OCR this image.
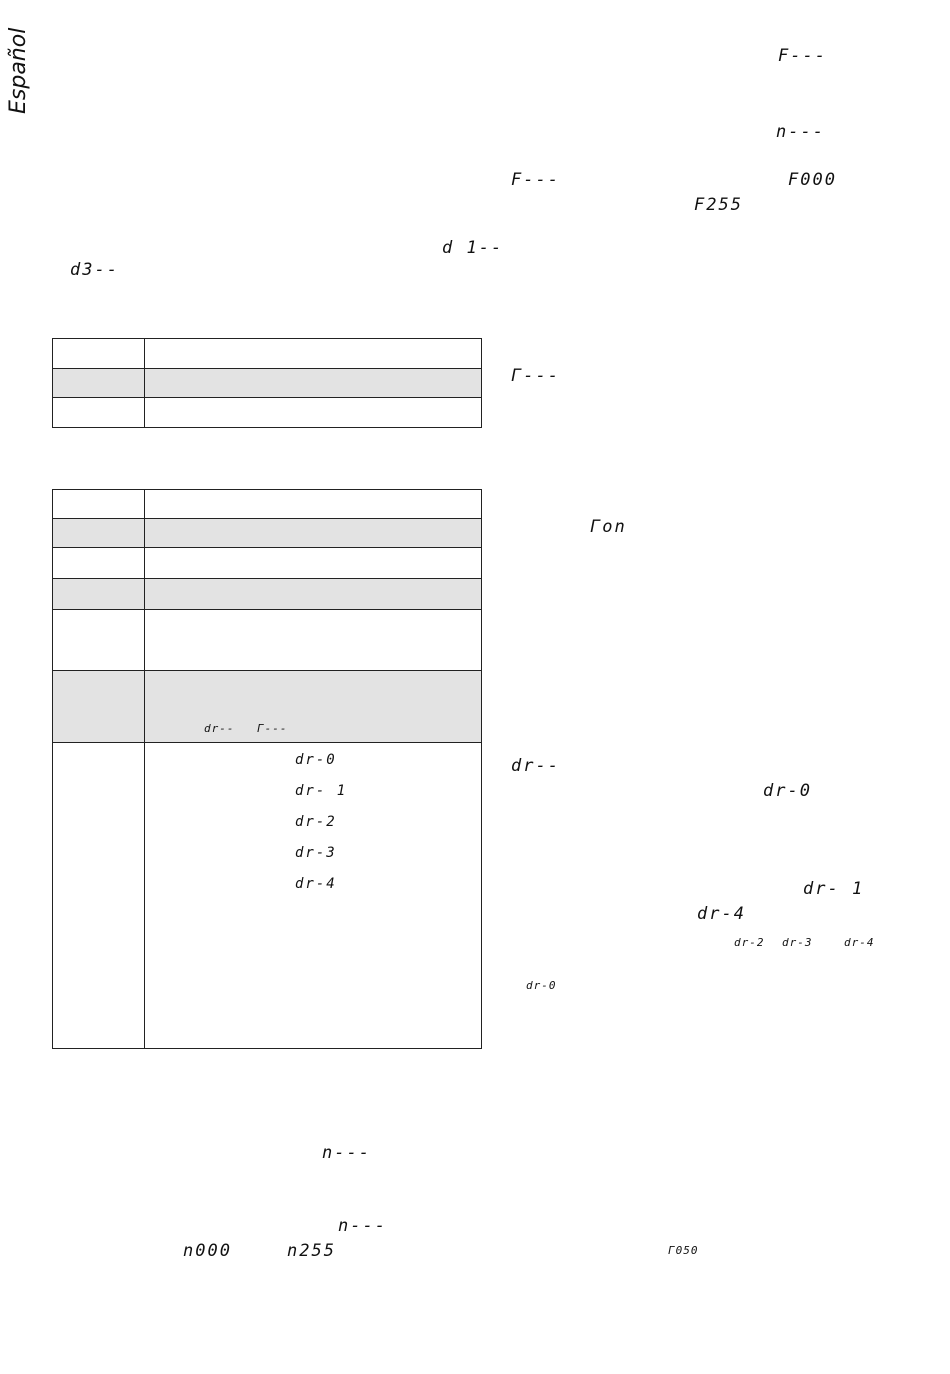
Español
d 1--
d3--

	dr-- Γ---

	dr-0
dr- 1
dr-2
dr-3
dr-4
n---
n---
n000	n255
F---
n---
F---	F000
F255
Γ---
Γon
dr--
dr-0
dr- 1
dr-4
dr-2 dr-3	dr-4
dr-0
Γ050
